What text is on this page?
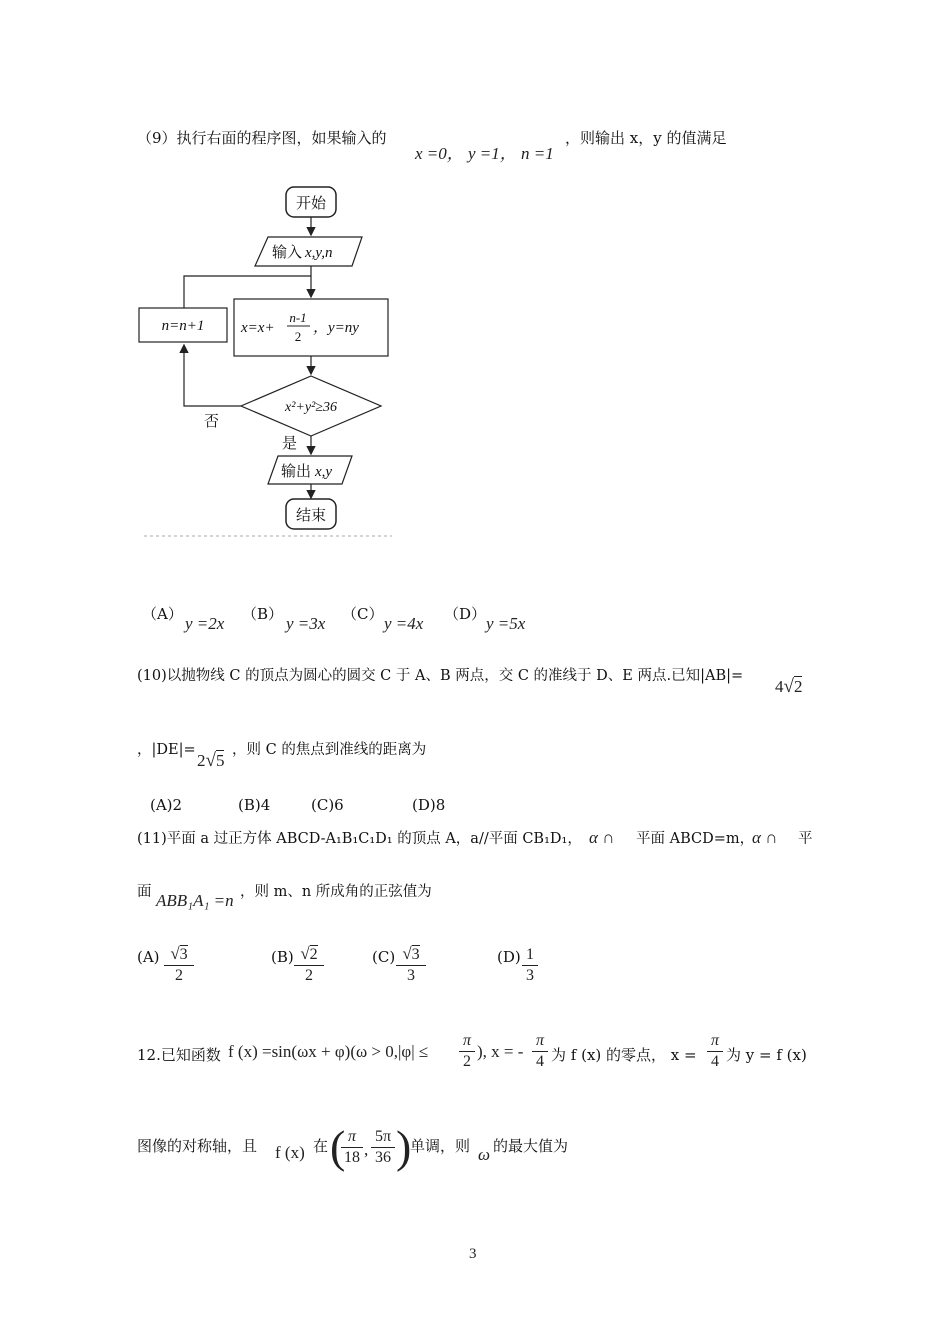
（9）执行右面的程序图，如果输入的
x =0， y =1， n =1
，则输出 x，y 的值满足
开始
输入 x,y,n
n=n+1 x=x+
n-1
2
，y=ny
x²+y²≥36
否
是
输出 x,y
结束
（A） y =2x （B） y =3x （C） y =4x （D） y =5x
(10)以抛物线 C 的顶点为圆心的圆交 C 于 A、B 两点，交 C 的准线于 D、E 两点.已知|AB|=
4√2
，|DE|=
2√5
，则 C 的焦点到准线的距离为
(A)2	(B)4	(C)6	(D)8
(11)平面 a 过正方体 ABCD-A₁B₁C₁D₁ 的顶点 A，a//平面 CB₁D₁， α ∩ 平面 ABCD=m，
α ∩ 平
面 ABB₁A₁ =n ，则 m、n 所成角的正弦值为
(A) √3
2
(B) √2
2
(C) √3
3
(D) 1
3
12.已知函数 f (x) =sin(ωx + φ)(ω > 0,|φ| ≤
π
2
), x = -
π
4 为 f (x) 的零点， x =
π
4 为 y = f (x)
图像的对称轴，且 f (x) 在 ( π
18 ,
5π
36 )
单调，则 ω 的最大值为
3
